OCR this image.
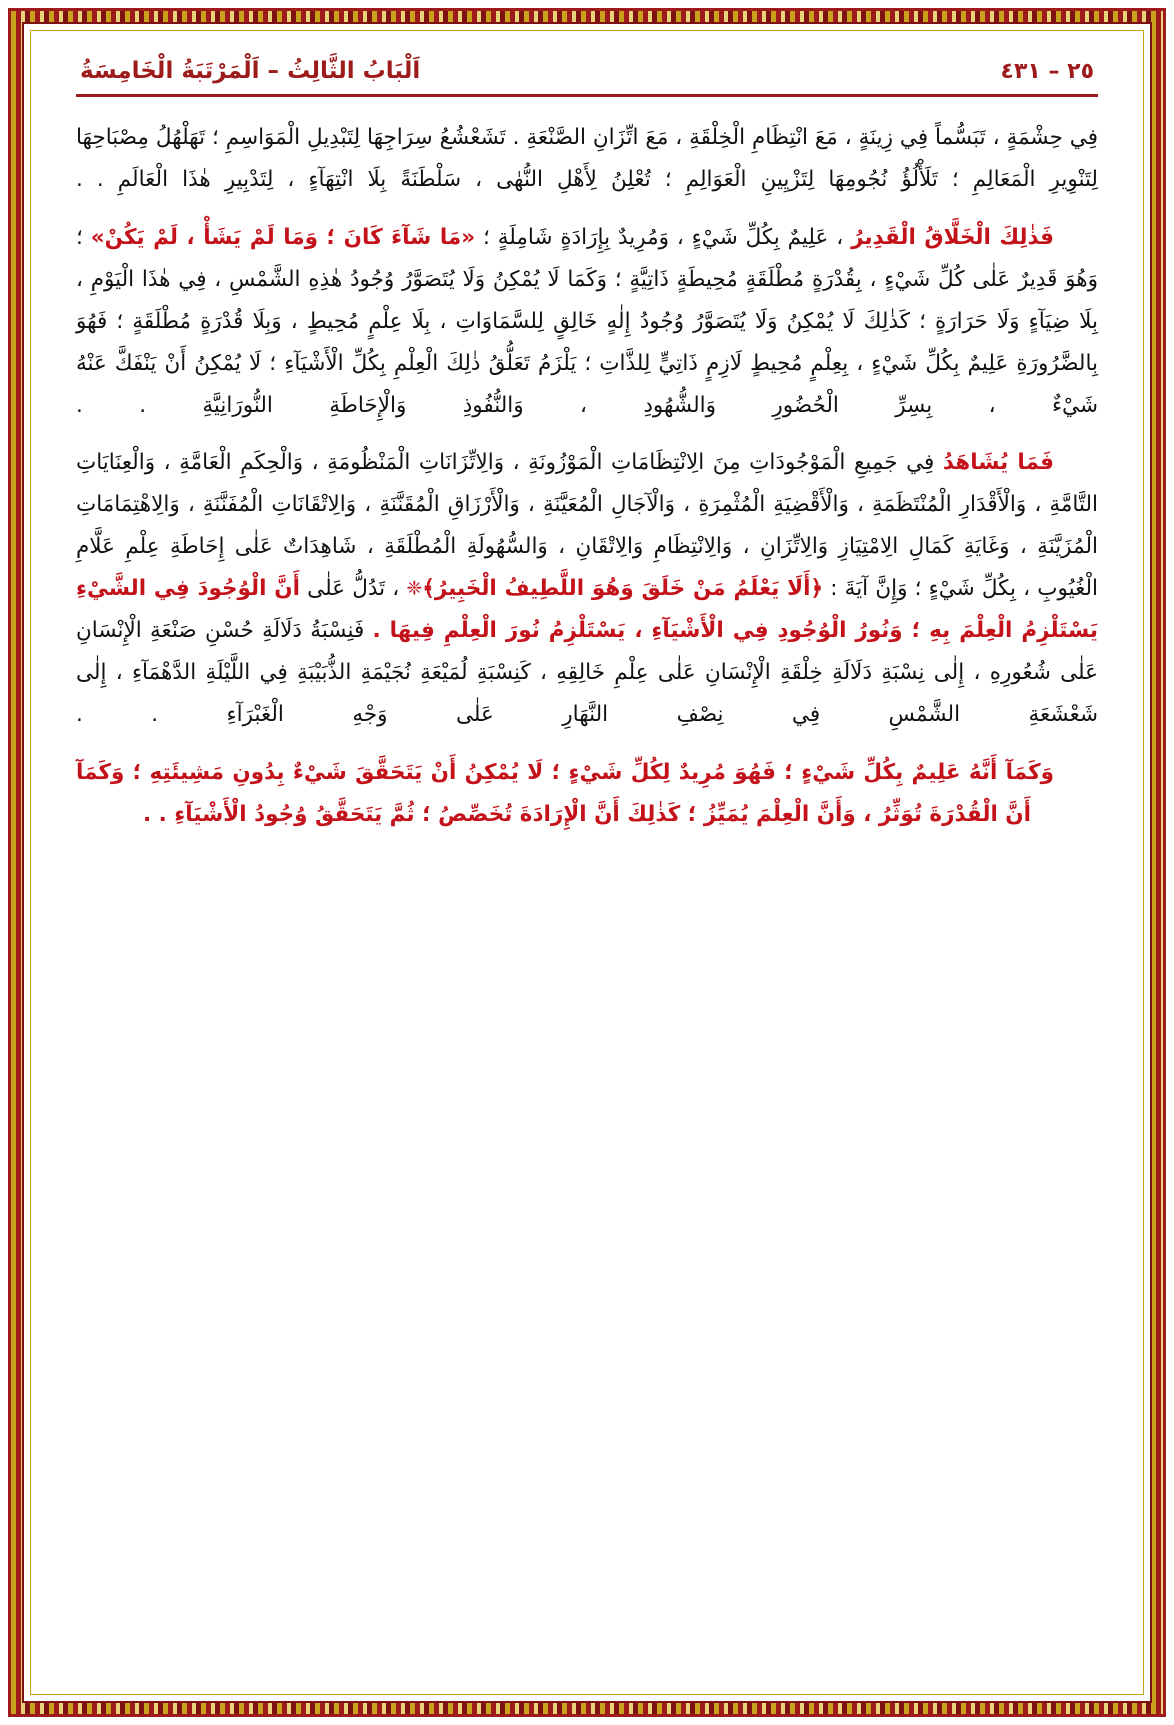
اَلْبَابُ الثَّالِثُ – اَلْمَرْتَبَةُ الْخَامِسَةُ	٢٥ – ٤٣١

فِي حِشْمَةٍ ، تَبَسُّماً فِي زِينَةٍ ، مَعَ انْتِظَامِ الْخِلْقَةِ ، مَعَ اتِّزَانِ الصَّنْعَةِ . تَشَعْشُعُ سِرَاجِهَا لِتَبْدِيلِ الْمَوَاسِمِ ؛ تَهَلْهُلُ مِصْبَاحِهَا لِتَنْوِيرِ الْمَعَالِمِ ؛ تَلَأْلُؤُ نُجُومِهَا لِتَزْيِينِ الْعَوَالِمِ ؛ تُعْلِنُ لِأَهْلِ النُّهٰى ، سَلْطَنَةً بِلَا انْتِهَآءٍ ، لِتَدْبِيرِ هٰذَا الْعَالَمِ . .

فَذٰلِكَ الْخَلَّاقُ الْقَدِيرُ ، عَلِيمٌ بِكُلِّ شَيْءٍ ، وَمُرِيدٌ بِإِرَادَةٍ شَامِلَةٍ ؛ «مَا شَآءَ كَانَ ؛ وَمَا لَمْ يَشَأْ ، لَمْ يَكُنْ» ؛ وَهُوَ قَدِيرٌ عَلٰى كُلِّ شَيْءٍ ، بِقُدْرَةٍ مُطْلَقَةٍ مُحِيطَةٍ ذَاتِيَّةٍ ؛ وَكَمَا لَا يُمْكِنُ وَلَا يُتَصَوَّرُ وُجُودُ هٰذِهِ الشَّمْسِ ، فِي هٰذَا الْيَوْمِ ، بِلَا ضِيَآءٍ وَلَا حَرَارَةٍ ؛ كَذٰلِكَ لَا يُمْكِنُ وَلَا يُتَصَوَّرُ وُجُودُ إِلٰهٍ خَالِقٍ لِلسَّمَاوَاتِ ، بِلَا عِلْمٍ مُحِيطٍ ، وَبِلَا قُدْرَةٍ مُطْلَقَةٍ ؛ فَهُوَ بِالضَّرُورَةِ عَلِيمٌ بِكُلِّ شَيْءٍ ، بِعِلْمٍ مُحِيطٍ لَازِمٍ ذَاتِيٍّ لِلذَّاتِ ؛ يَلْزَمُ تَعَلُّقُ ذٰلِكَ الْعِلْمِ بِكُلِّ الْأَشْيَآءِ ؛ لَا يُمْكِنُ أَنْ يَنْفَكَّ عَنْهُ شَيْءٌ ، بِسِرِّ الْحُضُورِ وَالشُّهُودِ ، وَالنُّفُوذِ وَالْإِحَاطَةِ النُّورَانِيَّةِ . .

فَمَا يُشَاهَدُ فِي جَمِيعِ الْمَوْجُودَاتِ مِنَ الِانْتِظَامَاتِ الْمَوْزُونَةِ ، وَالِاتِّزَانَاتِ الْمَنْظُومَةِ ، وَالْحِكَمِ الْعَامَّةِ ، وَالْعِنَايَاتِ التَّامَّةِ ، وَالْأَقْدَارِ الْمُنْتَظَمَةِ ، وَالْأَقْضِيَةِ الْمُثْمِرَةِ ، وَالْآجَالِ الْمُعَيَّنَةِ ، وَالْأَرْزَاقِ الْمُقَنَّنَةِ ، وَالِاتْقَانَاتِ الْمُفَنَّنَةِ ، وَالِاهْتِمَامَاتِ الْمُزَيَّنَةِ ، وَغَايَةِ كَمَالِ الِامْتِيَازِ وَالِاتِّزَانِ ، وَالِانْتِظَامِ وَالِاتْقَانِ ، وَالسُّهُولَةِ الْمُطْلَقَةِ ، شَاهِدَاتٌ عَلٰى إِحَاطَةِ عِلْمِ عَلَّامِ الْغُيُوبِ ، بِكُلِّ شَيْءٍ ؛ وَإِنَّ آيَةَ : ﴿أَلَا يَعْلَمُ مَنْ خَلَقَ وَهُوَ اللَّطِيفُ الْخَبِيرُ﴾❈ ، تَدُلُّ عَلٰى أَنَّ الْوُجُودَ فِي الشَّيْءِ يَسْتَلْزِمُ الْعِلْمَ بِهِ ؛ وَنُورُ الْوُجُودِ فِي الْأَشْيَآءِ ، يَسْتَلْزِمُ نُورَ الْعِلْمِ فِيهَا . فَنِسْبَةُ دَلَالَةِ حُسْنِ صَنْعَةِ الْإِنْسَانِ عَلٰى شُعُورِهِ ، إِلٰى نِسْبَةِ دَلَالَةِ خِلْقَةِ الْإِنْسَانِ عَلٰى عِلْمِ خَالِقِهِ ، كَنِسْبَةِ لُمَيْعَةِ نُجَيْمَةِ الذُّبَيْبَةِ فِي اللَّيْلَةِ الدَّهْمَآءِ ، إِلٰى شَعْشَعَةِ الشَّمْسِ فِي نِصْفِ النَّهَارِ عَلٰى وَجْهِ الْغَبْرَآءِ . .

وَكَمَآ أَنَّهُ عَلِيمٌ بِكُلِّ شَيْءٍ ؛ فَهُوَ مُرِيدٌ لِكُلِّ شَيْءٍ ؛ لَا يُمْكِنُ أَنْ يَتَحَقَّقَ شَيْءٌ بِدُونِ مَشِيئَتِهِ ؛ وَكَمَآ أَنَّ الْقُدْرَةَ تُوَثِّرُ ، وَأَنَّ الْعِلْمَ يُمَيِّزُ ؛ كَذٰلِكَ أَنَّ الْإِرَادَةَ تُخَصِّصُ ؛ ثُمَّ يَتَحَقَّقُ وُجُودُ الْأَشْيَآءِ . .
